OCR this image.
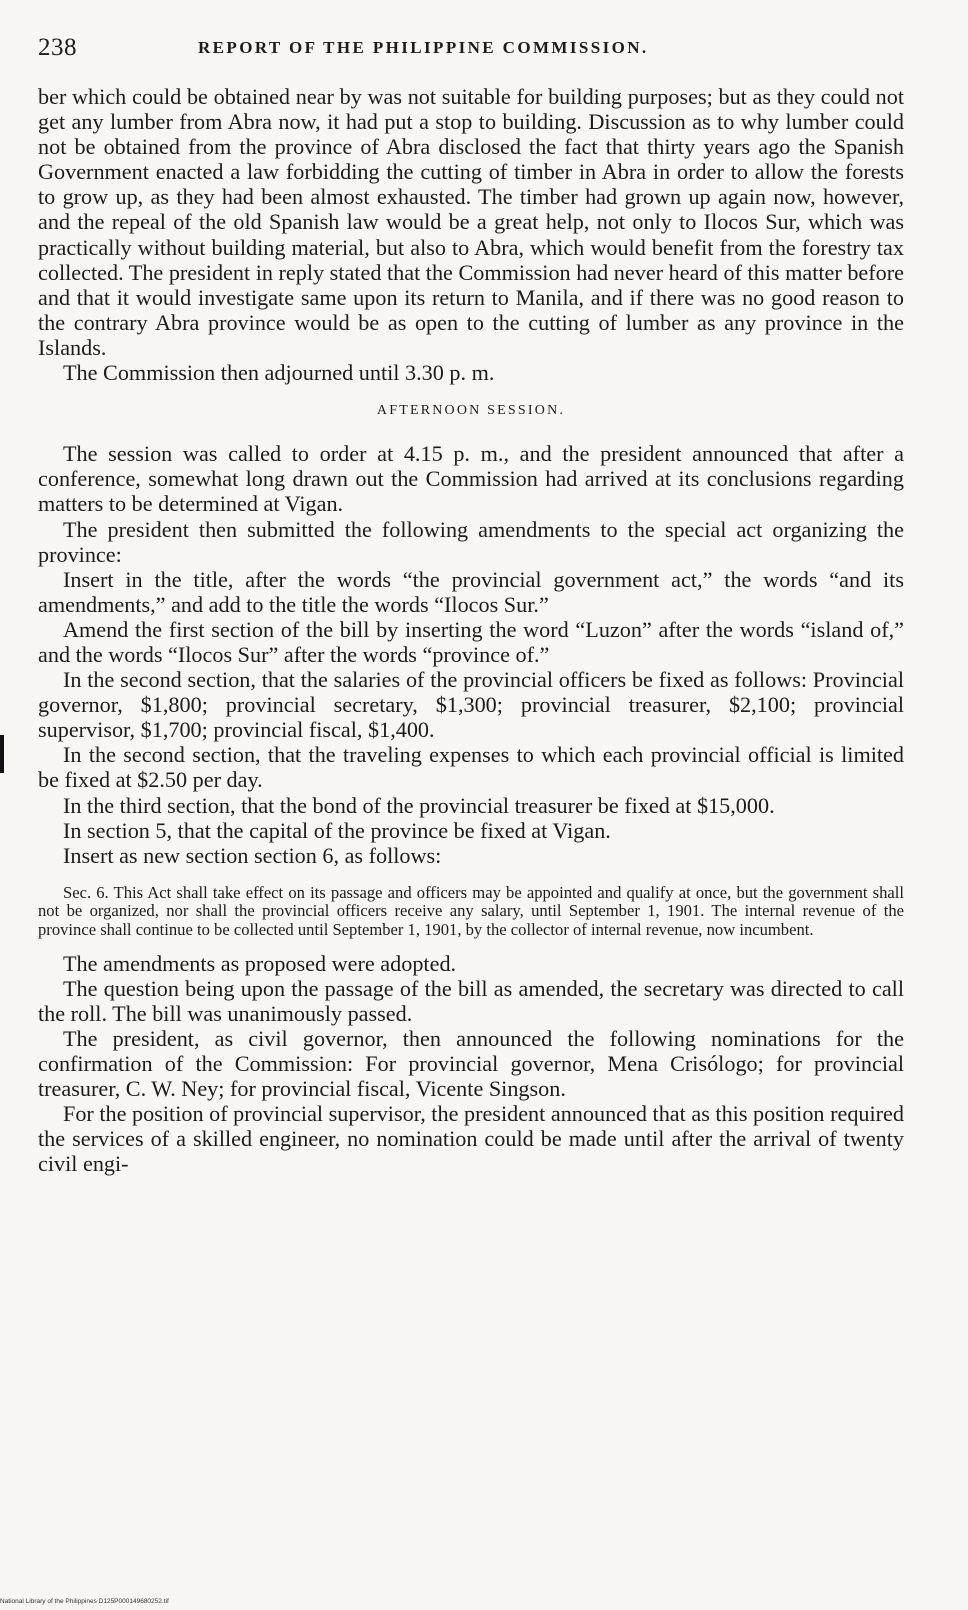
238	REPORT OF THE PHILIPPINE COMMISSION.

ber which could be obtained near by was not suitable for building purposes; but as they could not get any lumber from Abra now, it had put a stop to building. Discussion as to why lumber could not be obtained from the province of Abra disclosed the fact that thirty years ago the Spanish Government enacted a law forbidding the cutting of timber in Abra in order to allow the forests to grow up, as they had been almost exhausted. The timber had grown up again now, however, and the repeal of the old Spanish law would be a great help, not only to Ilocos Sur, which was practically without building material, but also to Abra, which would benefit from the forestry tax collected. The president in reply stated that the Commission had never heard of this matter before and that it would investigate same upon its return to Manila, and if there was no good reason to the contrary Abra province would be as open to the cutting of lumber as any province in the Islands.

The Commission then adjourned until 3.30 p. m.

AFTERNOON SESSION.

The session was called to order at 4.15 p. m., and the president announced that after a conference, somewhat long drawn out the Commission had arrived at its conclusions regarding matters to be determined at Vigan.

The president then submitted the following amendments to the special act organizing the province:

Insert in the title, after the words “the provincial government act,” the words “and its amendments,” and add to the title the words “Ilocos Sur.”

Amend the first section of the bill by inserting the word “Luzon” after the words “island of,” and the words “Ilocos Sur” after the words “province of.”

In the second section, that the salaries of the provincial officers be fixed as follows: Provincial governor, $1,800; provincial secretary, $1,300; provincial treasurer, $2,100; provincial supervisor, $1,700; provincial fiscal, $1,400.

In the second section, that the traveling expenses to which each provincial official is limited be fixed at $2.50 per day.

In the third section, that the bond of the provincial treasurer be fixed at $15,000.

In section 5, that the capital of the province be fixed at Vigan.

Insert as new section section 6, as follows:

Sec. 6. This Act shall take effect on its passage and officers may be appointed and qualify at once, but the government shall not be organized, nor shall the provincial officers receive any salary, until September 1, 1901. The internal revenue of the province shall continue to be collected until September 1, 1901, by the collector of internal revenue, now incumbent.

The amendments as proposed were adopted.

The question being upon the passage of the bill as amended, the secretary was directed to call the roll. The bill was unanimously passed.

The president, as civil governor, then announced the following nominations for the confirmation of the Commission: For provincial governor, Mena Crisólogo; for provincial treasurer, C. W. Ney; for provincial fiscal, Vicente Singson.

For the position of provincial supervisor, the president announced that as this position required the services of a skilled engineer, no nomination could be made until after the arrival of twenty civil engi-

National Library of the Philippines D125P000149680252.tif
